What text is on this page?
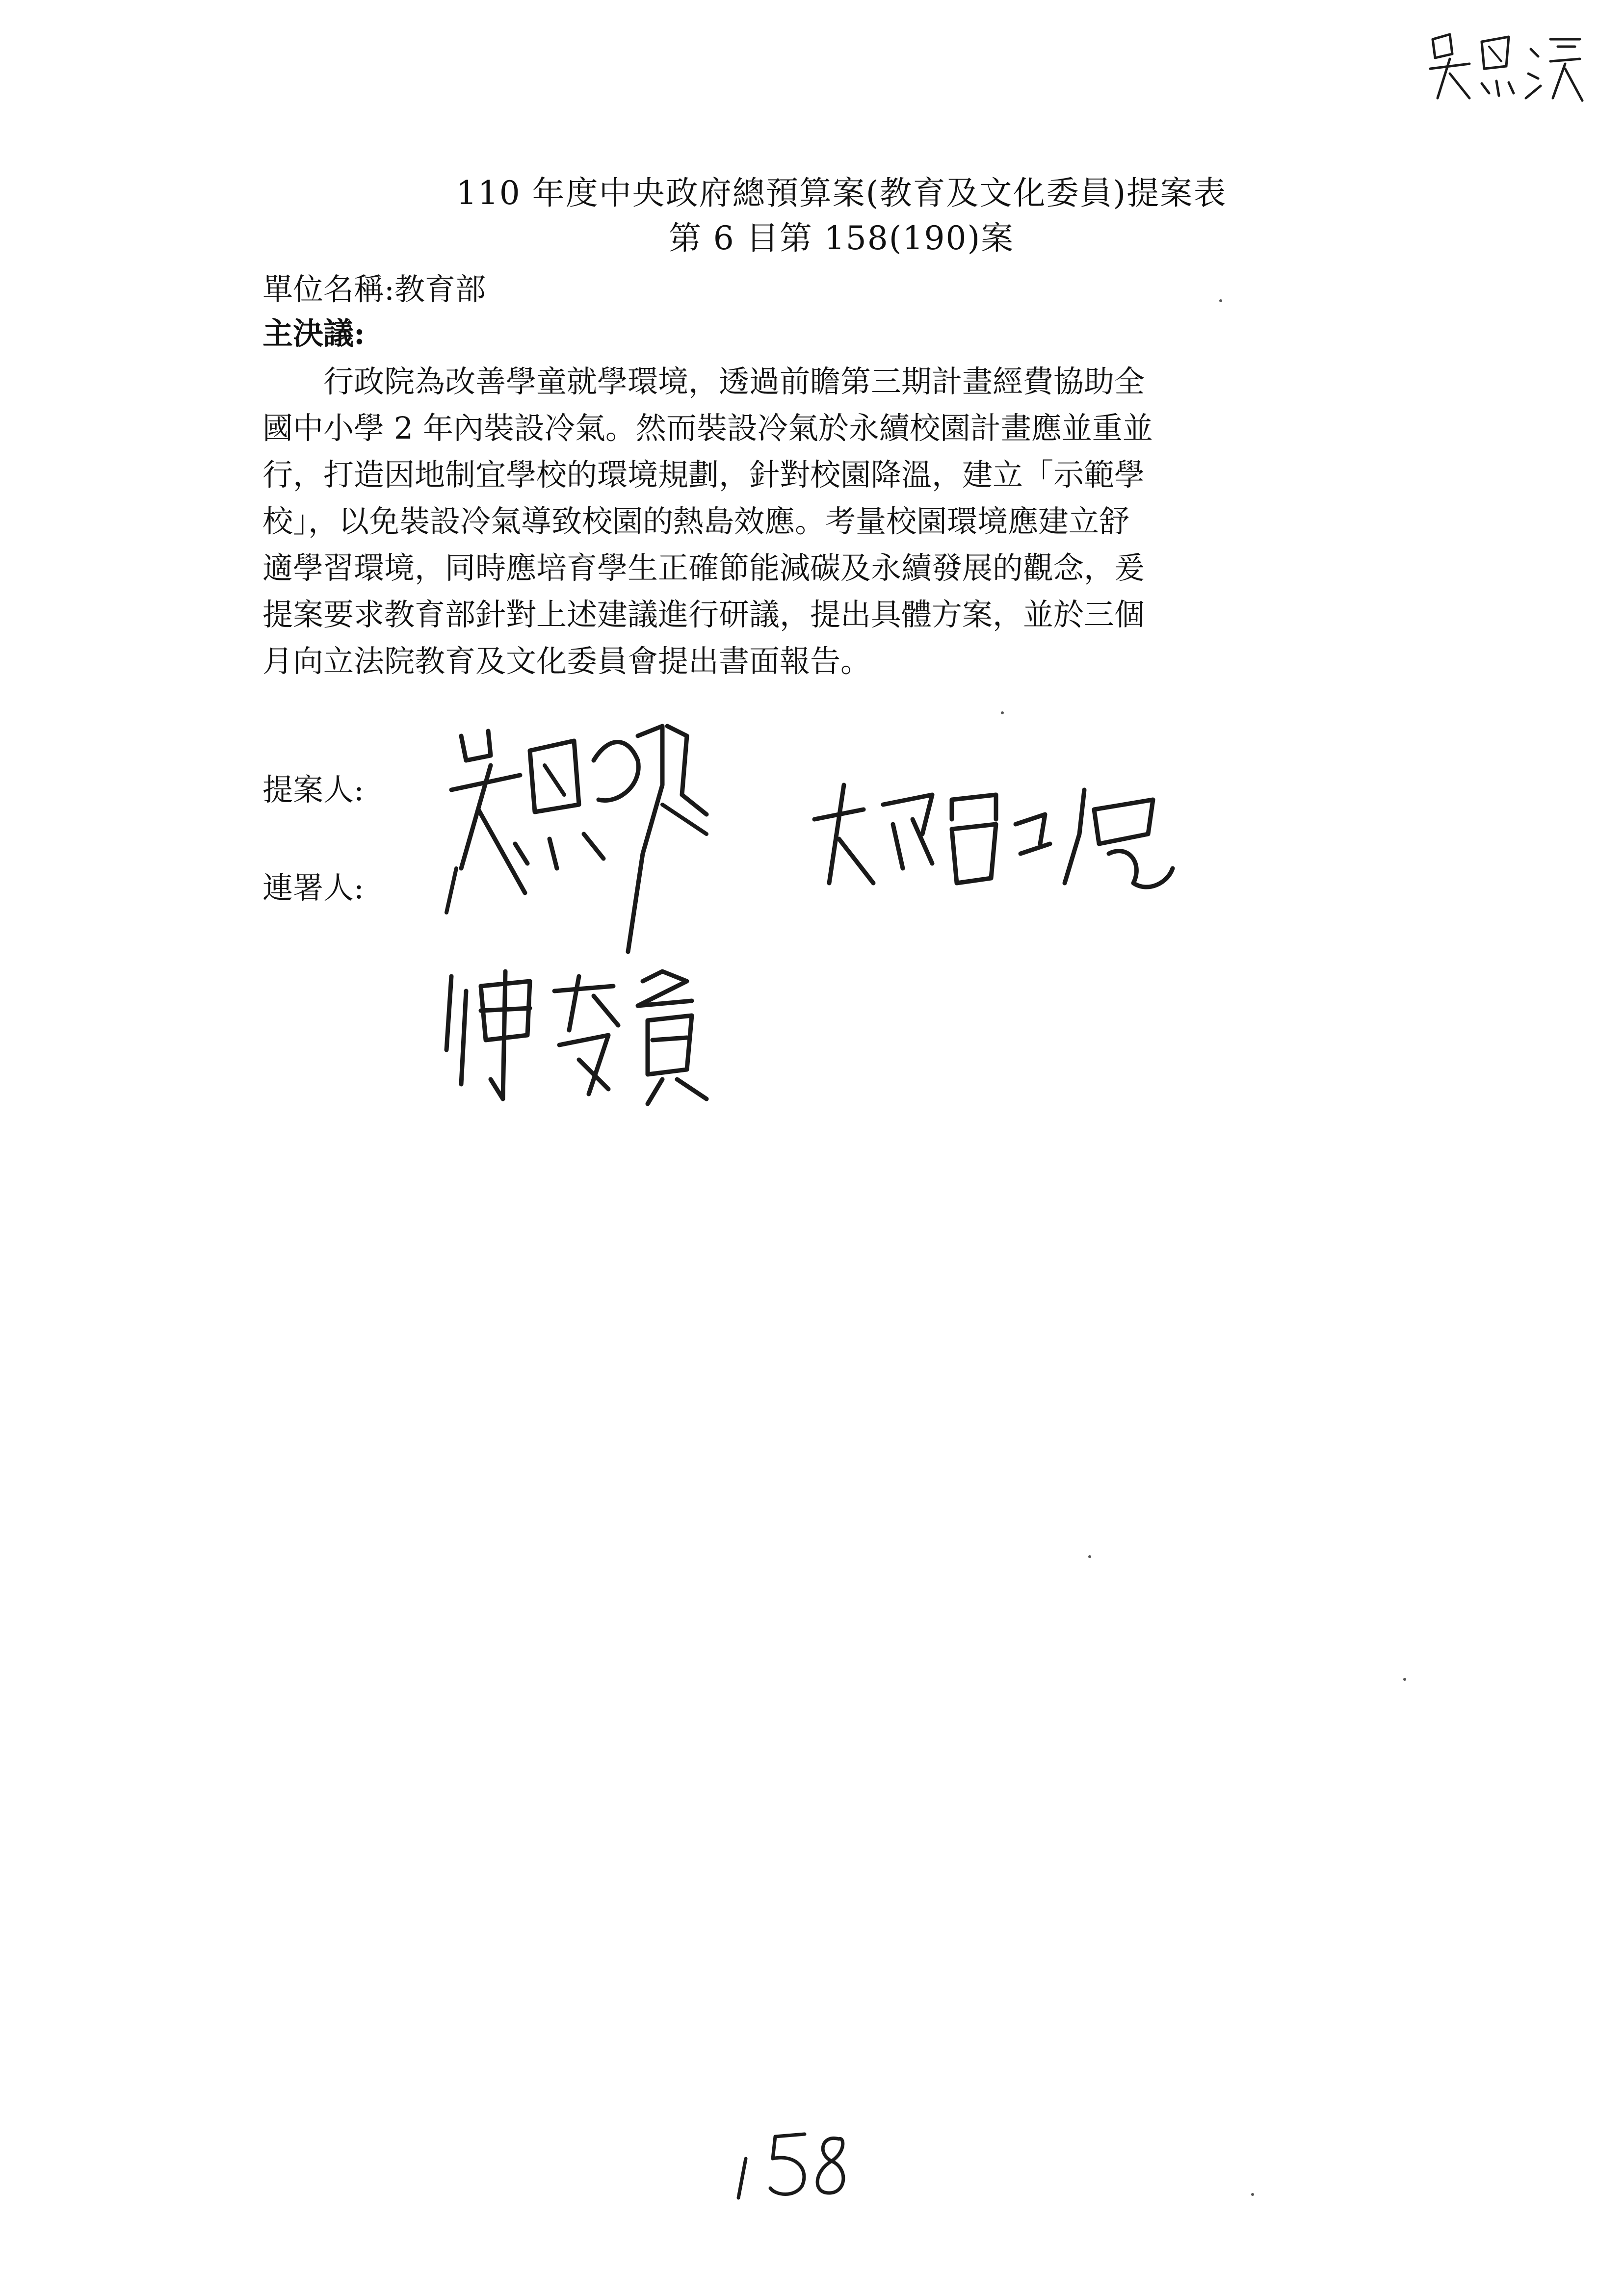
110 年度中央政府總預算案(教育及文化委員)提案表
第 6 目第 158(190)案
單位名稱:教育部
主決議:
行政院為改善學童就學環境，透過前瞻第三期計畫經費協助全
國中小學 2 年內裝設冷氣。然而裝設冷氣於永續校園計畫應並重並
行，打造因地制宜學校的環境規劃，針對校園降溫，建立「示範學
校」，以免裝設冷氣導致校園的熱島效應。考量校園環境應建立舒
適學習環境，同時應培育學生正確節能減碳及永續發展的觀念，爰
提案要求教育部針對上述建議進行研議，提出具體方案，並於三個
月向立法院教育及文化委員會提出書面報告。
提案人:
連署人:
